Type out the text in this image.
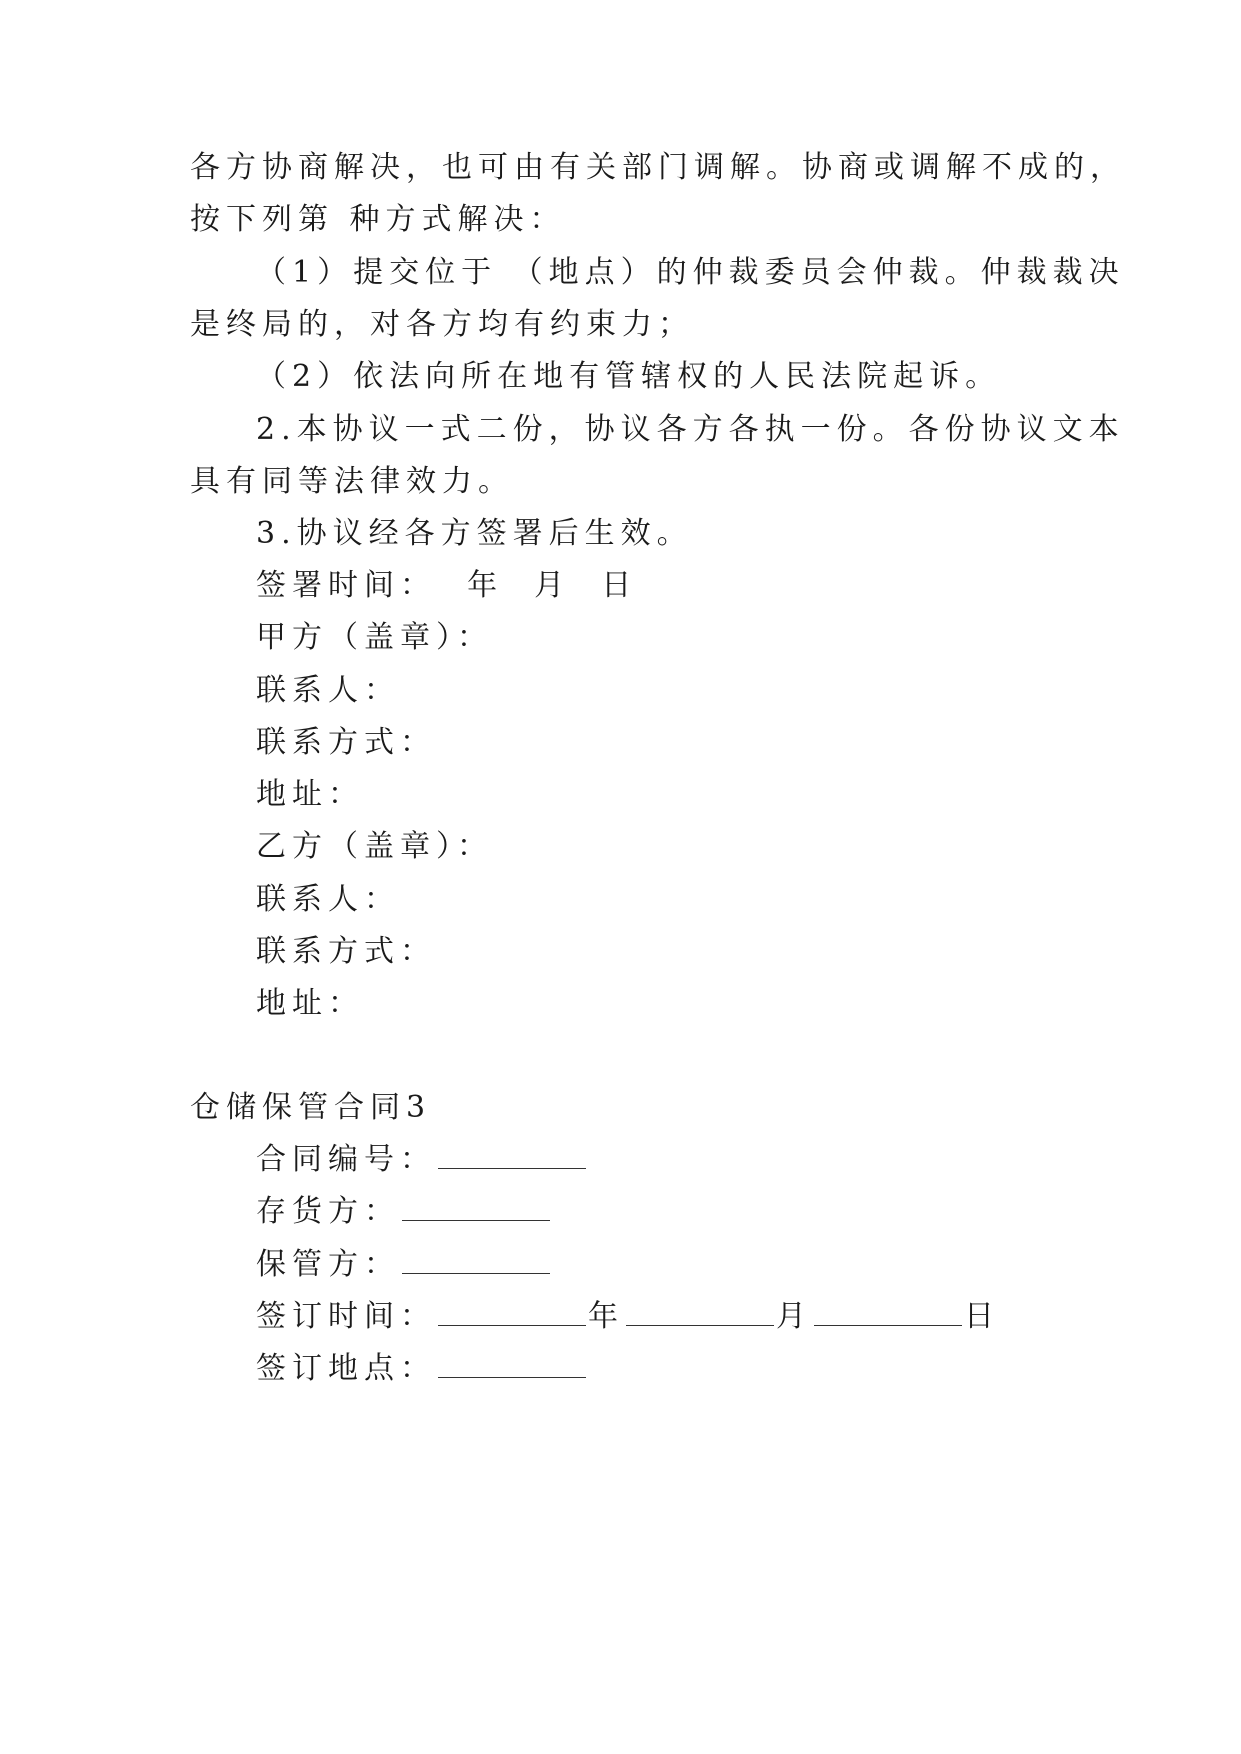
各方协商解决，也可由有关部门调解。协商或调解不成的，
按下列第 种方式解决：
（1）提交位于 （地点）的仲裁委员会仲裁。仲裁裁决
是终局的，对各方均有约束力；
（2）依法向所在地有管辖权的人民法院起诉。
2.本协议一式二份，协议各方各执一份。各份协议文本
具有同等法律效力。
3.协议经各方签署后生效。
签署时间：  年  月  日
甲方（盖章）：
联系人：
联系方式：
地址：
乙方（盖章）：
联系人：
联系方式：
地址：
仓储保管合同3
合同编号：
存货方：
保管方：
签订时间：	年	月	日
签订地点：
